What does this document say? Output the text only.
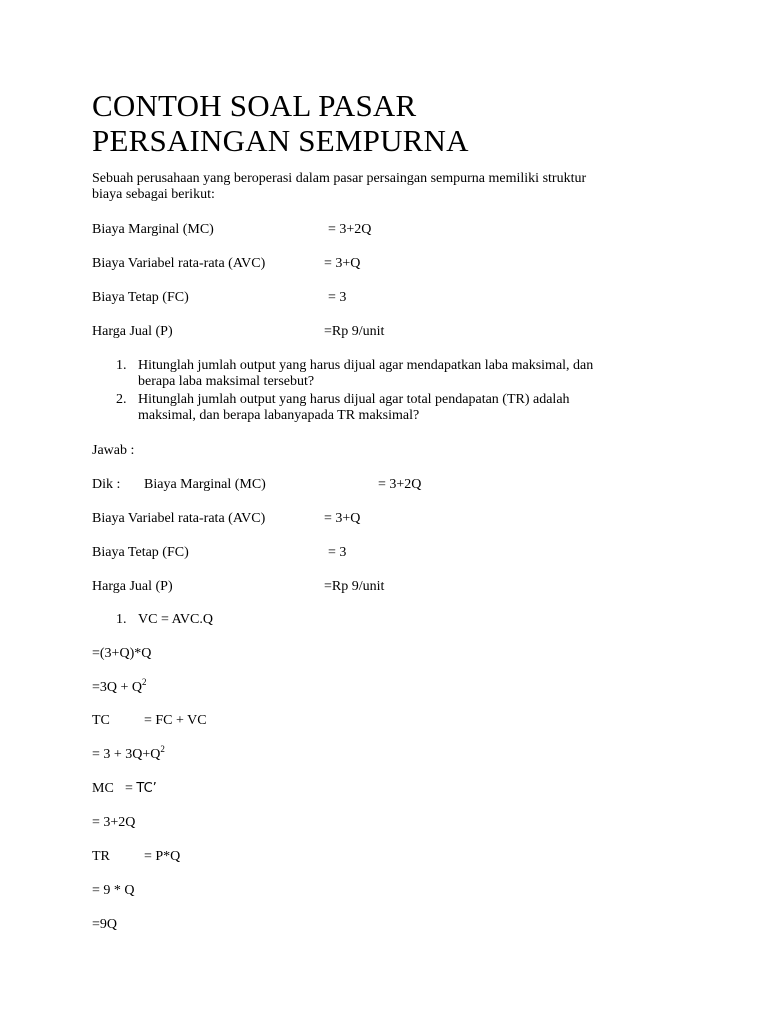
CONTOH SOAL PASAR
PERSAINGAN SEMPURNA
Sebuah perusahaan yang beroperasi dalam pasar persaingan sempurna memiliki struktur
biaya sebagai berikut:
Biaya Marginal (MC)	= 3+2Q
Biaya Variabel rata-rata (AVC)	= 3+Q
Biaya Tetap (FC)	= 3
Harga Jual (P)	=Rp 9/unit
1. Hitunglah jumlah output yang harus dijual agar mendapatkan laba maksimal, dan
berapa laba maksimal tersebut?
2. Hitunglah jumlah output yang harus dijual agar total pendapatan (TR) adalah
maksimal, dan berapa labanyapada TR maksimal?
Jawab :
Dik : Biaya Marginal (MC)	= 3+2Q
Biaya Variabel rata-rata (AVC)	= 3+Q
Biaya Tetap (FC)	= 3
Harga Jual (P)	=Rp 9/unit
1. VC = AVC.Q
=(3+Q)*Q
$=3Q + Q^2$
TC = FC + VC
= $3 + 3Q+Q^2$
MC = TC’
= 3+2Q
TR = P*Q
= 9 * Q
=9Q
